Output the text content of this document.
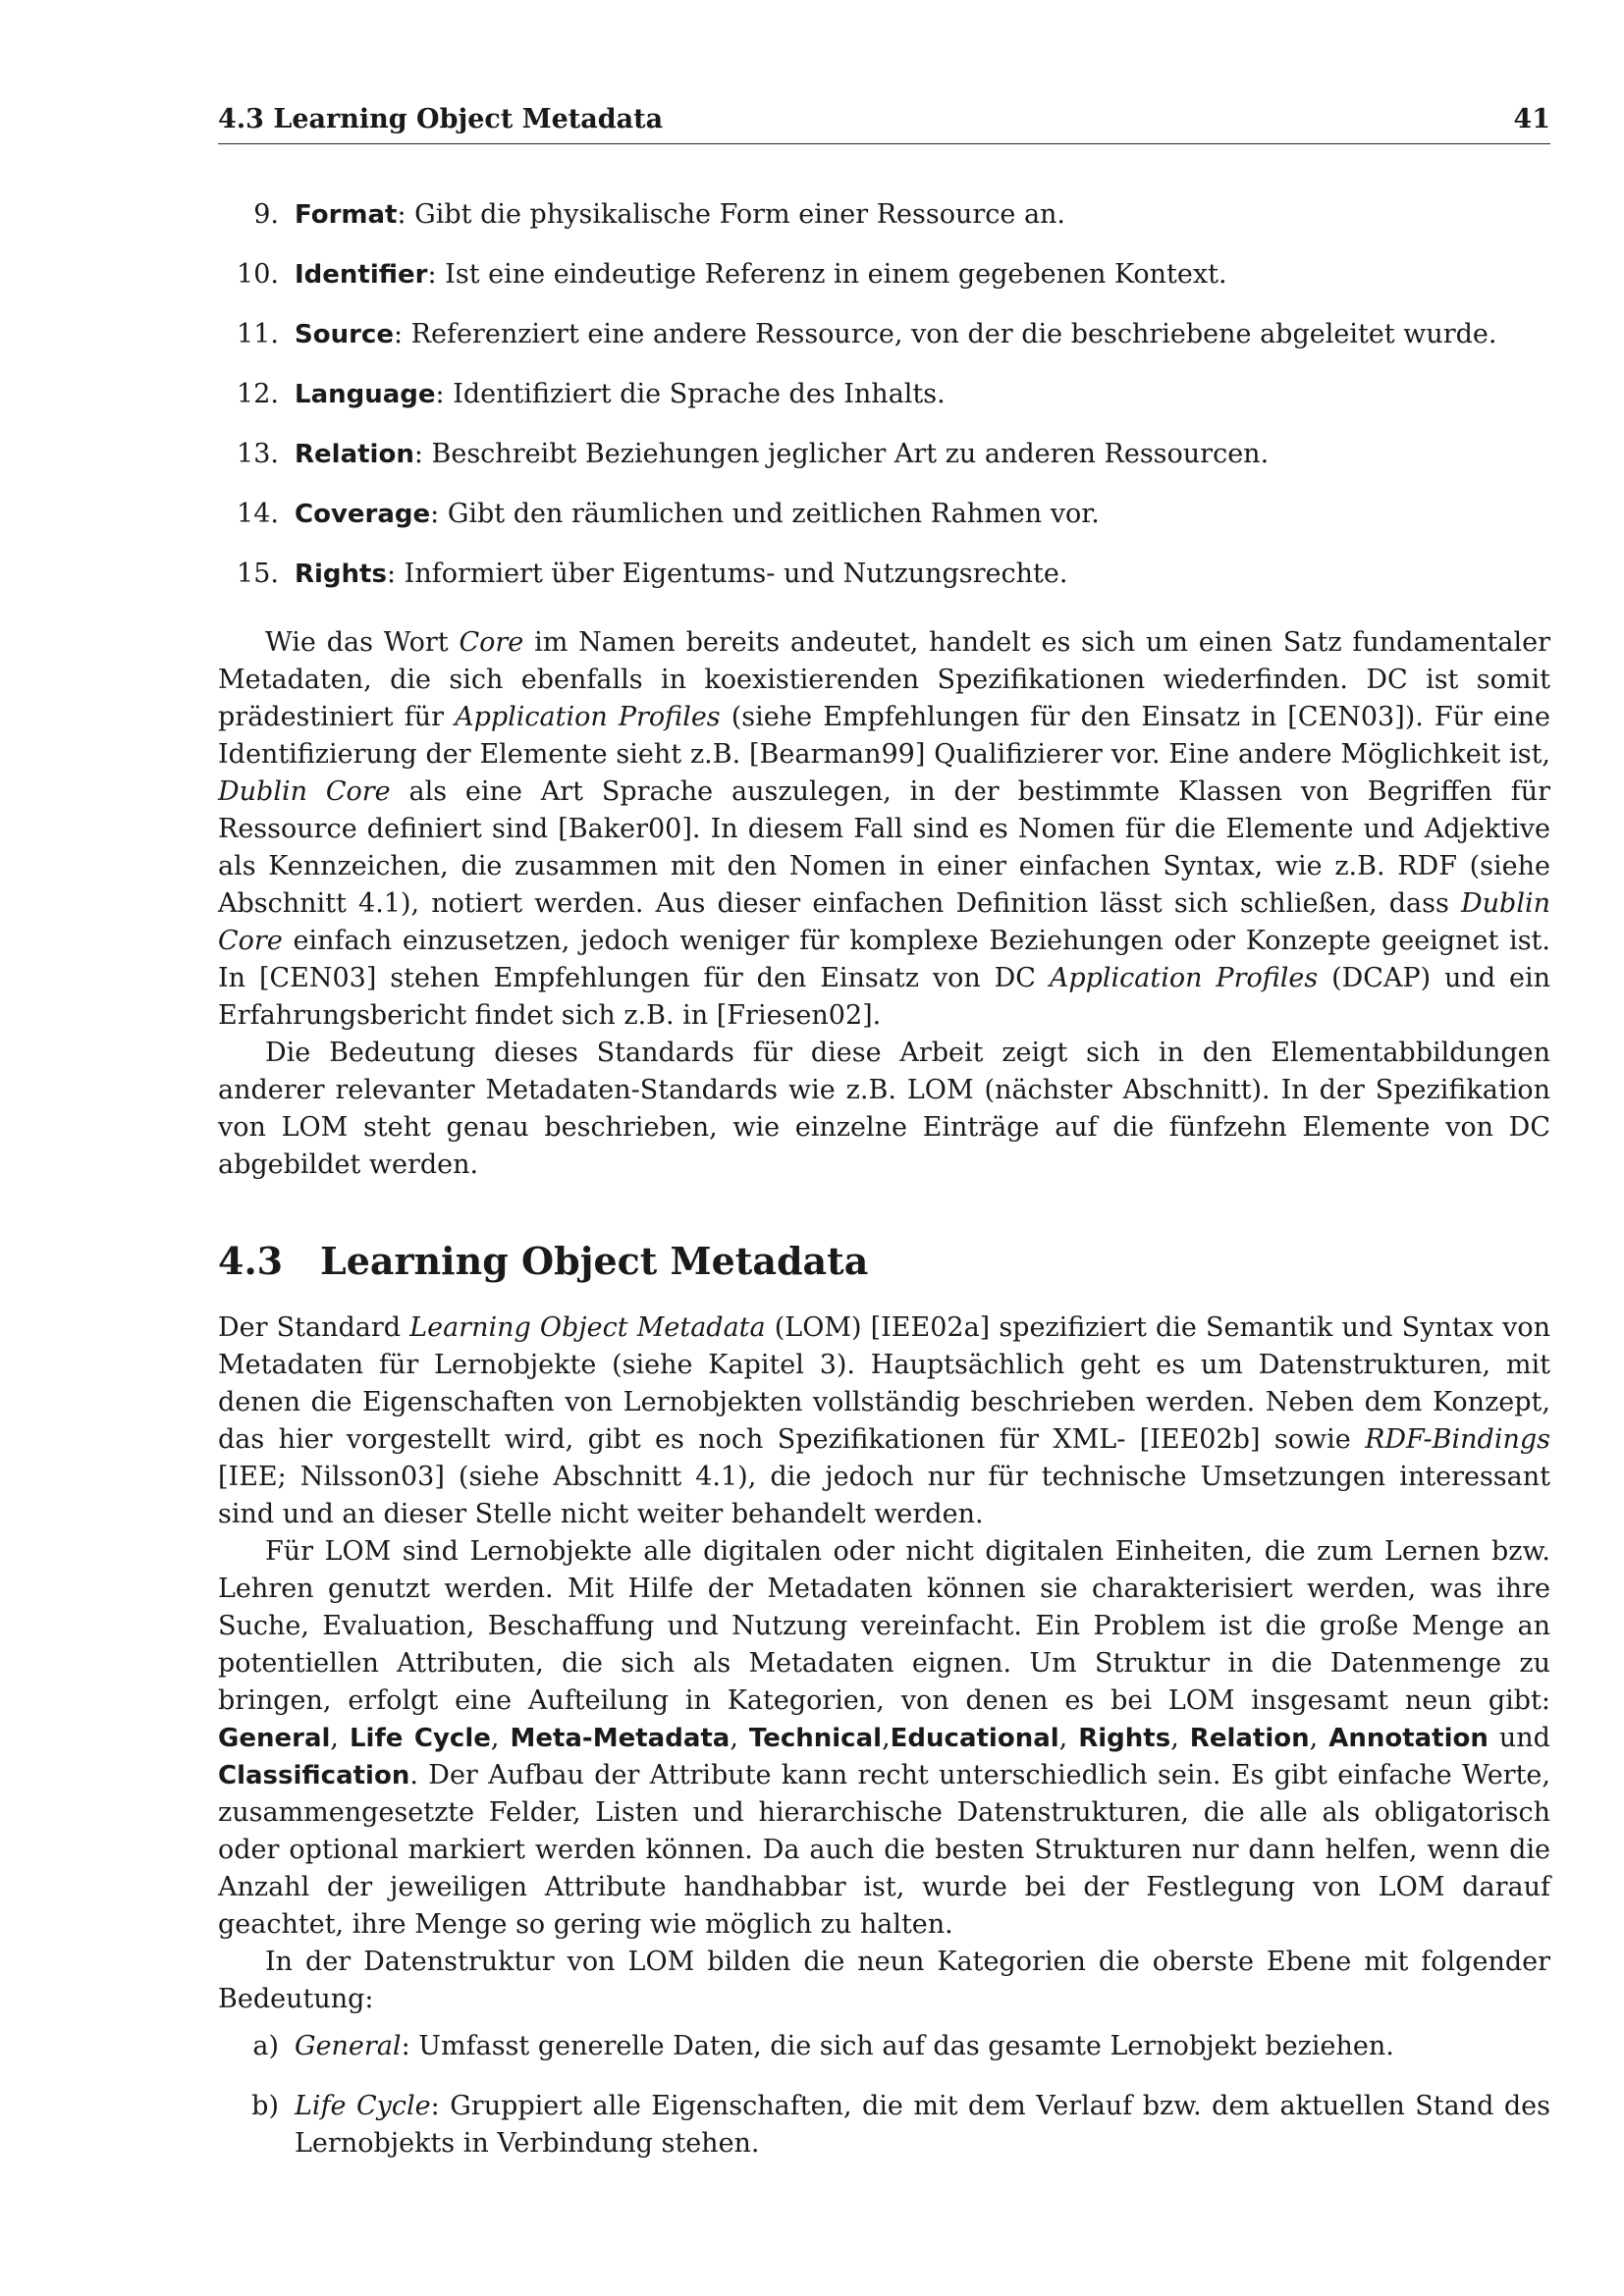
4.3 Learning Object Metadata	41
9. Format: Gibt die physikalische Form einer Ressource an.
10. Identifier: Ist eine eindeutige Referenz in einem gegebenen Kontext.
11. Source: Referenziert eine andere Ressource, von der die beschriebene abgeleitet wurde.
12. Language: Identifiziert die Sprache des Inhalts.
13. Relation: Beschreibt Beziehungen jeglicher Art zu anderen Ressourcen.
14. Coverage: Gibt den räumlichen und zeitlichen Rahmen vor.
15. Rights: Informiert über Eigentums- und Nutzungsrechte.

Wie das Wort Core im Namen bereits andeutet, handelt es sich um einen Satz fundamentaler Metadaten, die sich ebenfalls in koexistierenden Spezifikationen wiederfinden. DC ist somit prädestiniert für Application Profiles (siehe Empfehlungen für den Einsatz in [CEN03]). Für eine Identifizierung der Elemente sieht z.B. [Bearman99] Qualifizierer vor. Eine andere Möglichkeit ist, Dublin Core als eine Art Sprache auszulegen, in der bestimmte Klassen von Begriffen für Ressource definiert sind [Baker00]. In diesem Fall sind es Nomen für die Elemente und Adjektive als Kennzeichen, die zusammen mit den Nomen in einer einfachen Syntax, wie z.B. RDF (siehe Abschnitt 4.1), notiert werden. Aus dieser einfachen Definition lässt sich schließen, dass Dublin Core einfach einzusetzen, jedoch weniger für komplexe Beziehungen oder Konzepte geeignet ist. In [CEN03] stehen Empfehlungen für den Einsatz von DC Application Profiles (DCAP) und ein Erfahrungsbericht findet sich z.B. in [Friesen02].

Die Bedeutung dieses Standards für diese Arbeit zeigt sich in den Elementabbildungen anderer relevanter Metadaten-Standards wie z.B. LOM (nächster Abschnitt). In der Spezifikation von LOM steht genau beschrieben, wie einzelne Einträge auf die fünfzehn Elemente von DC abgebildet werden.

4.3 Learning Object Metadata

Der Standard Learning Object Metadata (LOM) [IEE02a] spezifiziert die Semantik und Syntax von Metadaten für Lernobjekte (siehe Kapitel 3). Hauptsächlich geht es um Datenstrukturen, mit denen die Eigenschaften von Lernobjekten vollständig beschrieben werden. Neben dem Konzept, das hier vorgestellt wird, gibt es noch Spezifikationen für XML- [IEE02b] sowie RDF-Bindings [IEE; Nilsson03] (siehe Abschnitt 4.1), die jedoch nur für technische Umsetzungen interessant sind und an dieser Stelle nicht weiter behandelt werden.

Für LOM sind Lernobjekte alle digitalen oder nicht digitalen Einheiten, die zum Lernen bzw. Lehren genutzt werden. Mit Hilfe der Metadaten können sie charakterisiert werden, was ihre Suche, Evaluation, Beschaffung und Nutzung vereinfacht. Ein Problem ist die große Menge an potentiellen Attributen, die sich als Metadaten eignen. Um Struktur in die Datenmenge zu bringen, erfolgt eine Aufteilung in Kategorien, von denen es bei LOM insgesamt neun gibt: General, Life Cycle, Meta-Metadata, Technical,Educational, Rights, Relation, Annotation und Classification. Der Aufbau der Attribute kann recht unterschiedlich sein. Es gibt einfache Werte, zusammengesetzte Felder, Listen und hierarchische Datenstrukturen, die alle als obligatorisch oder optional markiert werden können. Da auch die besten Strukturen nur dann helfen, wenn die Anzahl der jeweiligen Attribute handhabbar ist, wurde bei der Festlegung von LOM darauf geachtet, ihre Menge so gering wie möglich zu halten.

In der Datenstruktur von LOM bilden die neun Kategorien die oberste Ebene mit folgender Bedeutung:

a) General: Umfasst generelle Daten, die sich auf das gesamte Lernobjekt beziehen.
b) Life Cycle: Gruppiert alle Eigenschaften, die mit dem Verlauf bzw. dem aktuellen Stand des Lernobjekts in Verbindung stehen.
